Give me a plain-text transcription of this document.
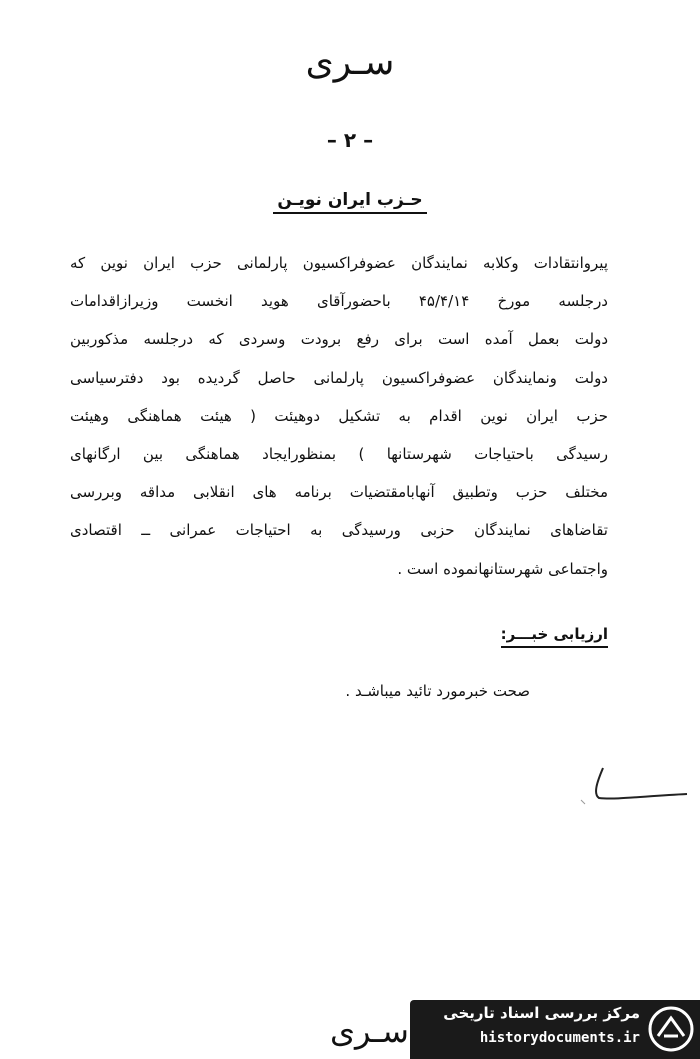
سـری
– ۲ –
حـزب ایران نویـن
پیروانتقادات وکلابه نمایندگان عضوفراکسیون پارلمانی حزب ایران نوین که
درجلسه مورخ ۴۵/۴/۱۴ باحضورآقای هوید انخست وزیرازاقدامات
دولت بعمل آمده است برای رفع برودت وسردی که درجلسه مذکوربین
دولت ونمایندگان عضوفراکسیون پارلمانی حاصل گردیده بود دفترسیاسی
حزب ایران نوین اقدام به تشکیل دوهیئت ( هیئت هماهنگی وهیئت
رسیدگی باحتیاجات شهرستانها ) بمنظورایجاد هماهنگی بین ارگانهای
مختلف حزب وتطبیق آنهابامقتضیات برنامه های انقلابی مداقه وبررسی
تقاضاهای نمایندگان حزبی ورسیدگی به احتیاجات عمرانی ــ اقتصادی
واجتماعی شهرستانهانموده است .
ارزیابی خبـــر:
صحت خبرمورد تائید میباشـد .
سـری مرکز بررسی اسناد تاریخی
historydocuments.ir
